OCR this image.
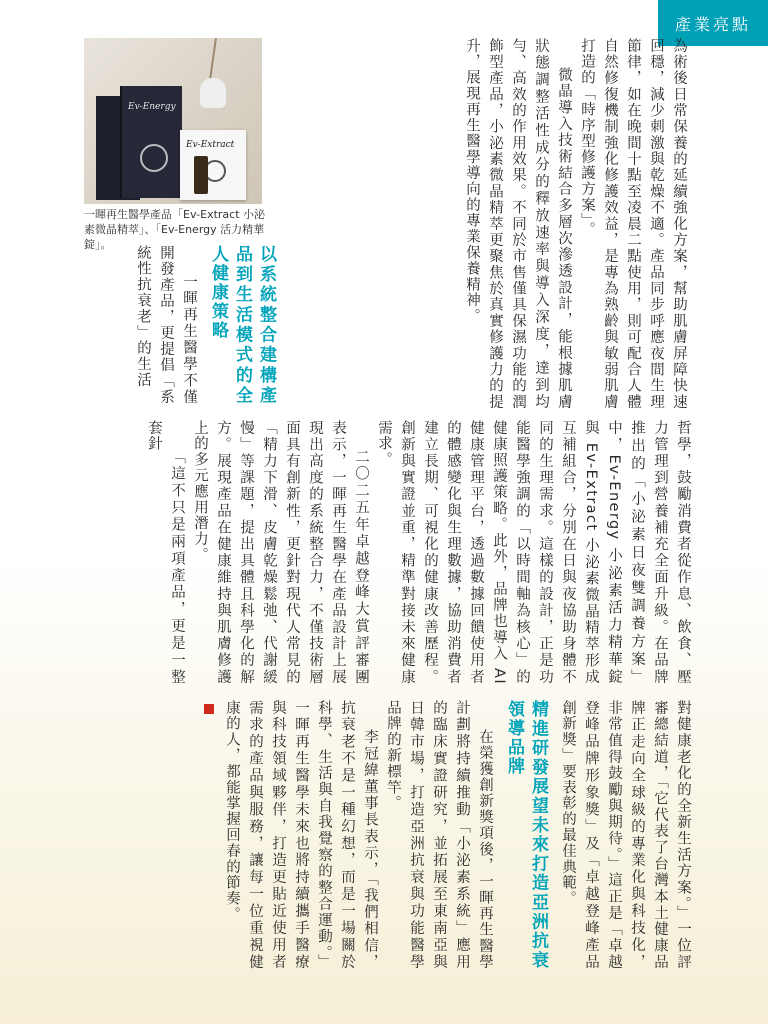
產業亮點

為術後日常保養的延續強化方案，幫助肌膚屏障快速回穩，減少刺激與乾燥不適。產品同步呼應夜間生理節律，如在晚間十點至凌晨二點使用，則可配合人體自然修復機制強化修護效益，是專為熟齡與敏弱肌膚打造的「時序型修護方案」。

微晶導入技術結合多層次滲透設計，能根據肌膚狀態調整活性成分的釋放速率與導入深度，達到均勻、高效的作用效果。不同於市售僅具保濕功能的潤飾型產品，小泌素微晶精萃更聚焦於真實修護力的提升，展現再生醫學導向的專業保養精神。

Ev-Energy
Ev-Extract
一暉再生醫學產品「Ev-Extract 小泌素微晶精萃」、「Ev-Energy 活力精華錠」。
以系統整合建構產品到生活模式的全人健康策略

一暉再生醫學不僅開發產品，更提倡「系統性抗衰老」的生活

哲學，鼓勵消費者從作息、飲食、壓力管理到營養補充全面升級。在品牌推出的「小泌素日夜雙調養方案」中，Ev-Energy 小泌素活力精華錠與 Ev-Extract 小泌素微晶精萃形成互補組合，分別在日與夜協助身體不同的生理需求。這樣的設計，正是功能醫學強調的「以時間軸為核心」的健康照護策略。此外，品牌也導入 AI 健康管理平台，透過數據回饋使用者的體感變化與生理數據，協助消費者建立長期、可視化的健康改善歷程。創新與實證並重，精準對接未來健康需求。

二〇二五年卓越登峰大賞評審團表示，一暉再生醫學在產品設計上展現出高度的系統整合力，不僅技術層面具有創新性，更針對現代人常見的「精力下滑、皮膚乾燥鬆弛、代謝緩慢」等課題，提出具體且科學化的解方。展現產品在健康維持與肌膚修護上的多元應用潛力。

「這不只是兩項產品，更是一整套針

對健康老化的全新生活方案。」一位評審總結道，「它代表了台灣本土健康品牌正走向全球級的專業化與科技化，非常值得鼓勵與期待。」這正是「卓越登峰品牌形象獎」及「卓越登峰產品創新獎」要表彰的最佳典範。

精進研發展望未來打造亞洲抗衰領導品牌

在榮獲創新獎項後，一暉再生醫學計劃將持續推動「小泌素系統」應用的臨床實證研究，並拓展至東南亞與日韓市場，打造亞洲抗衰與功能醫學品牌的新標竿。

李冠緯董事長表示，「我們相信，抗衰老不是一種幻想，而是一場關於科學、生活與自我覺察的整合運動。」一暉再生醫學未來也將持續攜手醫療與科技領域夥伴，打造更貼近使用者需求的產品與服務，讓每一位重視健康的人，都能掌握回春的節奏。
